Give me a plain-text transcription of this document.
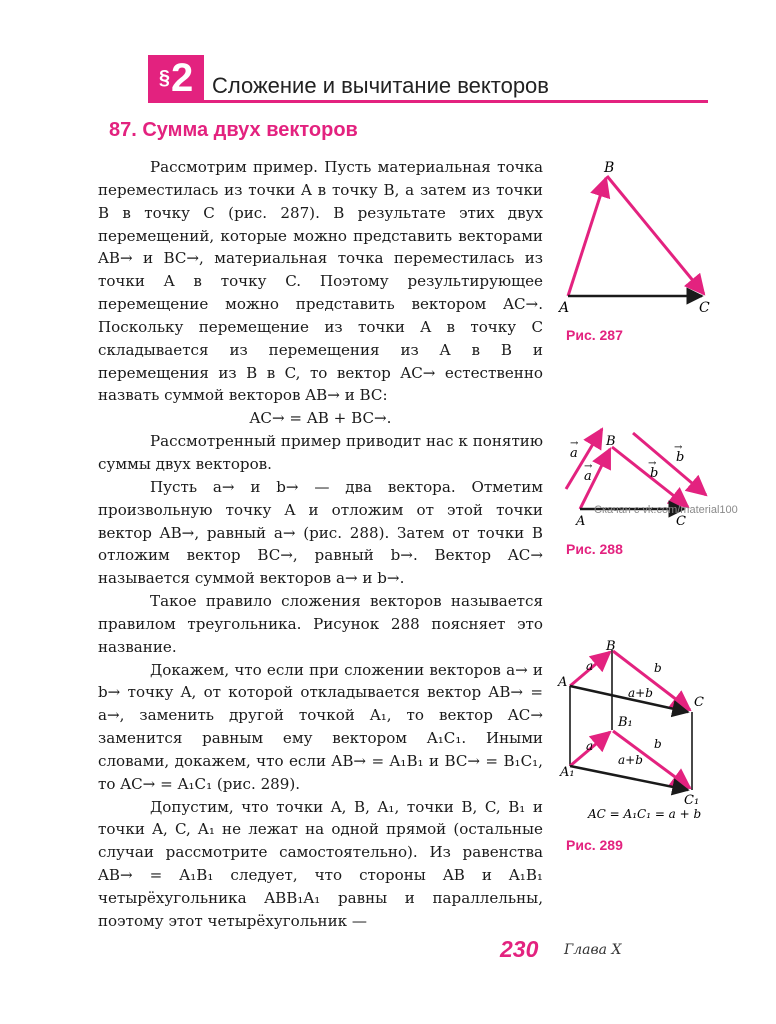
§ 2 Сложение и вычитание векторов
87. Сумма двух векторов

Рассмотрим пример. Пусть материальная точка переместилась из точки A в точку B, а затем из точки B в точку C (рис. 287). В результате этих двух перемещений, которые можно представить векторами AB→ и BC→, материальная точка переместилась из точки A в точку C. Поэтому результирующее перемещение можно представить вектором AC→. Поскольку перемещение из точки A в точку C складывается из перемещения из A в B и перемещения из B в C, то вектор AC→ естественно назвать суммой векторов AB→ и BC:

AC→ = AB + BC→.

Рассмотренный пример приводит нас к понятию суммы двух векторов.

Пусть a→ и b→ — два вектора. Отметим произвольную точку A и отложим от этой точки вектор AB→, равный a→ (рис. 288). Затем от точки B отложим вектор BC→, равный b→. Вектор AC→ называется суммой векторов a→ и b→.

Такое правило сложения векторов называется правилом треугольника. Рисунок 288 поясняет это название.

Докажем, что если при сложении векторов a→ и b→ точку A, от которой откладывается вектор AB→ = a→, заменить другой точкой A₁, то вектор AC→ заменится равным ему вектором A₁C₁. Иными словами, докажем, что если AB→ = A₁B₁ и BC→ = B₁C₁, то AC→ = A₁C₁ (рис. 289).

Допустим, что точки A, B, A₁, точки B, C, B₁ и точки A, C, A₁ не лежат на одной прямой (остальные случаи рассмотрите самостоятельно). Из равенства AB→ = A₁B₁ следует, что стороны AB и A₁B₁ четырёхугольника ABB₁A₁ равны и параллельны, поэтому этот четырёхугольник —

A
B
C
Рис. 287
a
→
a
→
b
→
b
→
B
A	C
Скачан с vk.com/material100
Рис. 288
B
A
C
B₁
A₁
C₁
a
a
b
b
a+b
a+b
AC = A₁C₁ = a + b
Рис. 289
230 Глава X
